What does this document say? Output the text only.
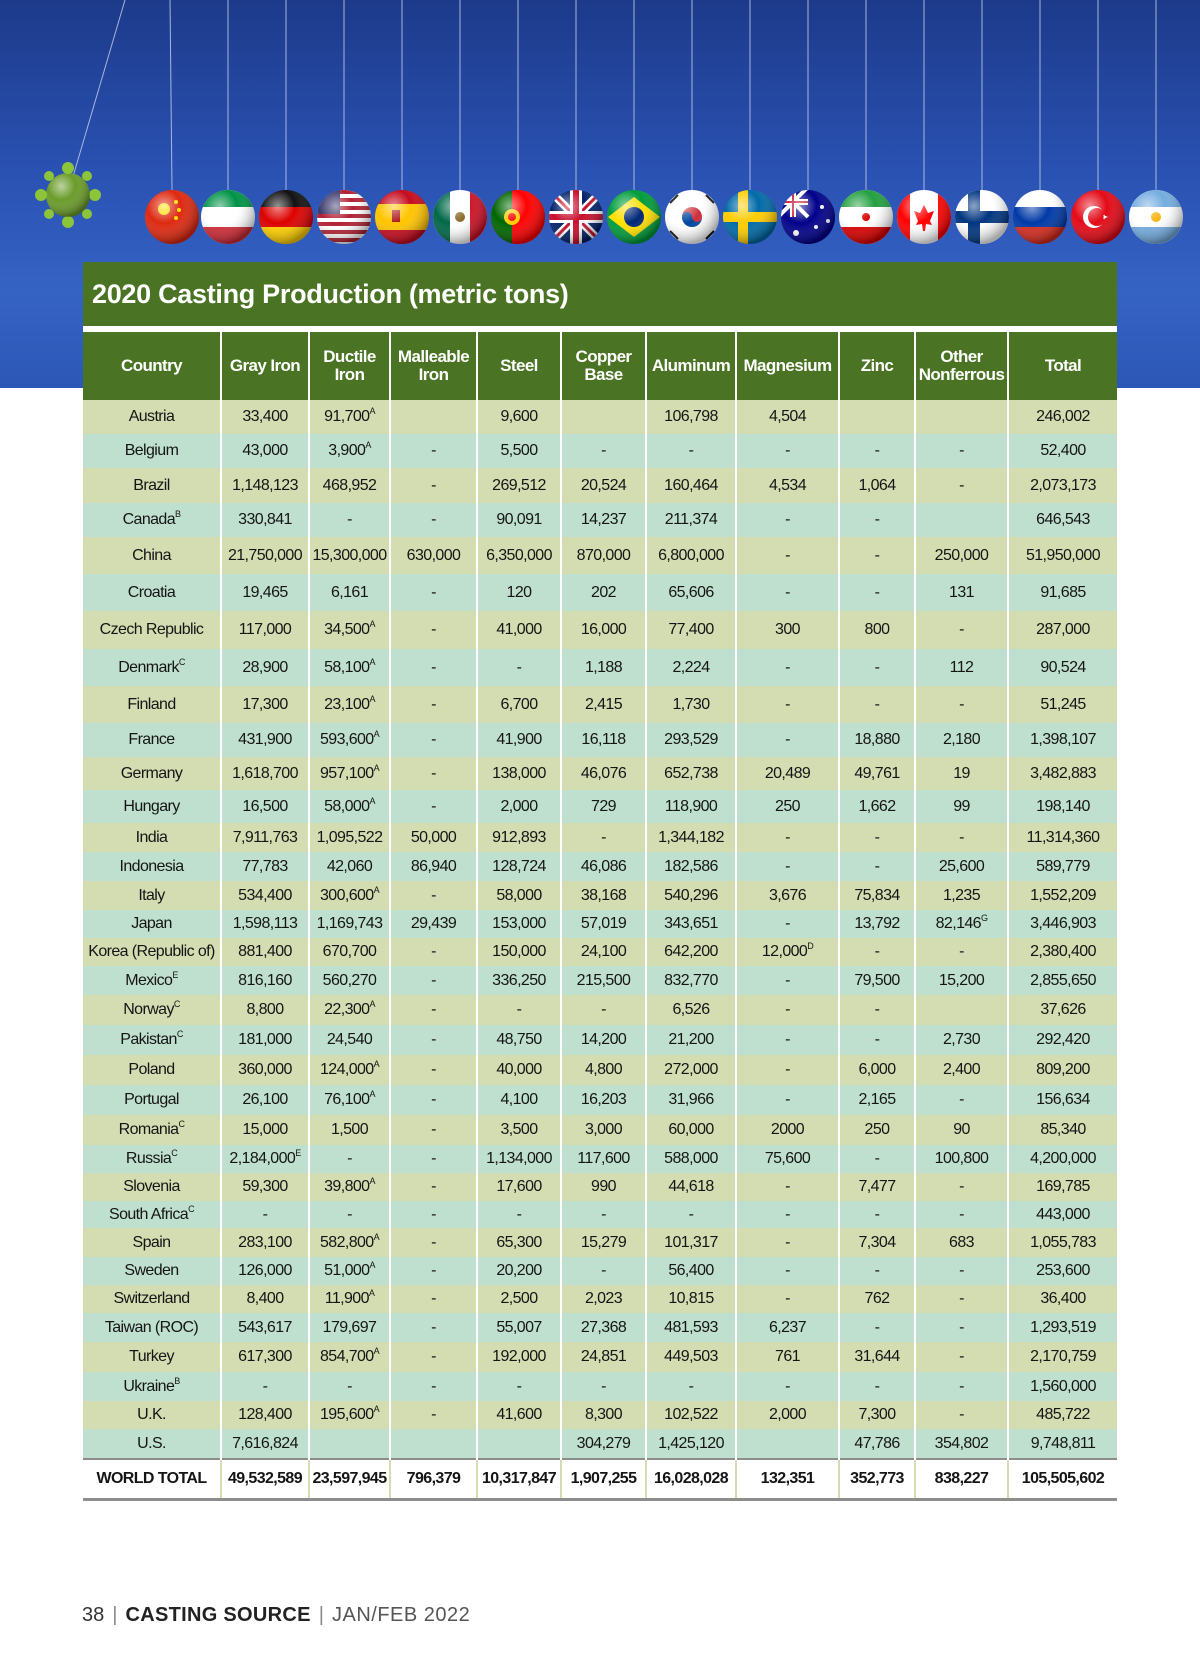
2020 Casting Production (metric tons)
Country	Gray Iron	Ductile Iron	Malleable Iron	Steel	Copper Base	Aluminum	Magnesium	Zinc	Other Nonferrous	Total
Austria	33,400	$91,700^A$		9,600		106,798	4,504			246,002
Belgium	43,000	$3,900^A$	-	5,500	-	-	-	-	-	52,400
Brazil	1,148,123	468,952	-	269,512	20,524	160,464	4,534	1,064	-	2,073,173
Canada$^B$	330,841	-	-	90,091	14,237	211,374	-	-		646,543
China	21,750,000	15,300,000	630,000	6,350,000	870,000	6,800,000	-	-	250,000	51,950,000
Croatia	19,465	6,161	-	120	202	65,606	-	-	131	91,685
Czech Republic	117,000	$34,500^A$	-	41,000	16,000	77,400	300	800	-	287,000
Denmark$^C$	28,900	$58,100^A$	-	-	1,188	2,224	-	-	112	90,524
Finland	17,300	$23,100^A$	-	6,700	2,415	1,730	-	-	-	51,245
France	431,900	$593,600^A$	-	41,900	16,118	293,529	-	18,880	2,180	1,398,107
Germany	1,618,700	$957,100^A$	-	138,000	46,076	652,738	20,489	49,761	19	3,482,883
Hungary	16,500	$58,000^A$	-	2,000	729	118,900	250	1,662	99	198,140
India	7,911,763	1,095,522	50,000	912,893	-	1,344,182	-	-	-	11,314,360
Indonesia	77,783	42,060	86,940	128,724	46,086	182,586	-	-	25,600	589,779
Italy	534,400	$300,600^A$	-	58,000	38,168	540,296	3,676	75,834	1,235	1,552,209
Japan	1,598,113	1,169,743	29,439	153,000	57,019	343,651	-	13,792	$82,146^G$	3,446,903
Korea (Republic of)	881,400	670,700	-	150,000	24,100	642,200	$12,000^D$	-	-	2,380,400
Mexico$^E$	816,160	560,270	-	336,250	215,500	832,770	-	79,500	15,200	2,855,650
Norway$^C$	8,800	$22,300^A$	-	-	-	6,526	-	-		37,626
Pakistan$^C$	181,000	24,540	-	48,750	14,200	21,200	-	-	2,730	292,420
Poland	360,000	$124,000^A$	-	40,000	4,800	272,000	-	6,000	2,400	809,200
Portugal	26,100	$76,100^A$	-	4,100	16,203	31,966	-	2,165	-	156,634
Romania$^C$	15,000	1,500	-	3,500	3,000	60,000	2000	250	90	85,340
Russia$^C$	$2,184,000^E$	-	-	1,134,000	117,600	588,000	75,600	-	100,800	4,200,000
Slovenia	59,300	$39,800^A$	-	17,600	990	44,618	-	7,477	-	169,785
South Africa$^C$	-	-	-	-	-	-	-	-	-	443,000
Spain	283,100	$582,800^A$	-	65,300	15,279	101,317	-	7,304	683	1,055,783
Sweden	126,000	$51,000^A$	-	20,200	-	56,400	-	-	-	253,600
Switzerland	8,400	$11,900^A$	-	2,500	2,023	10,815	-	762	-	36,400
Taiwan (ROC)	543,617	179,697	-	55,007	27,368	481,593	6,237	-	-	1,293,519
Turkey	617,300	$854,700^A$	-	192,000	24,851	449,503	761	31,644	-	2,170,759
Ukraine$^B$	-	-	-	-	-	-	-	-	-	1,560,000
U.K.	128,400	$195,600^A$	-	41,600	8,300	102,522	2,000	7,300	-	485,722
U.S.	7,616,824				304,279	1,425,120		47,786	354,802	9,748,811
WORLD TOTAL	49,532,589	23,597,945	796,379	10,317,847	1,907,255	16,028,028	132,351	352,773	838,227	105,505,602
38 | CASTING SOURCE | JAN/FEB 2022
